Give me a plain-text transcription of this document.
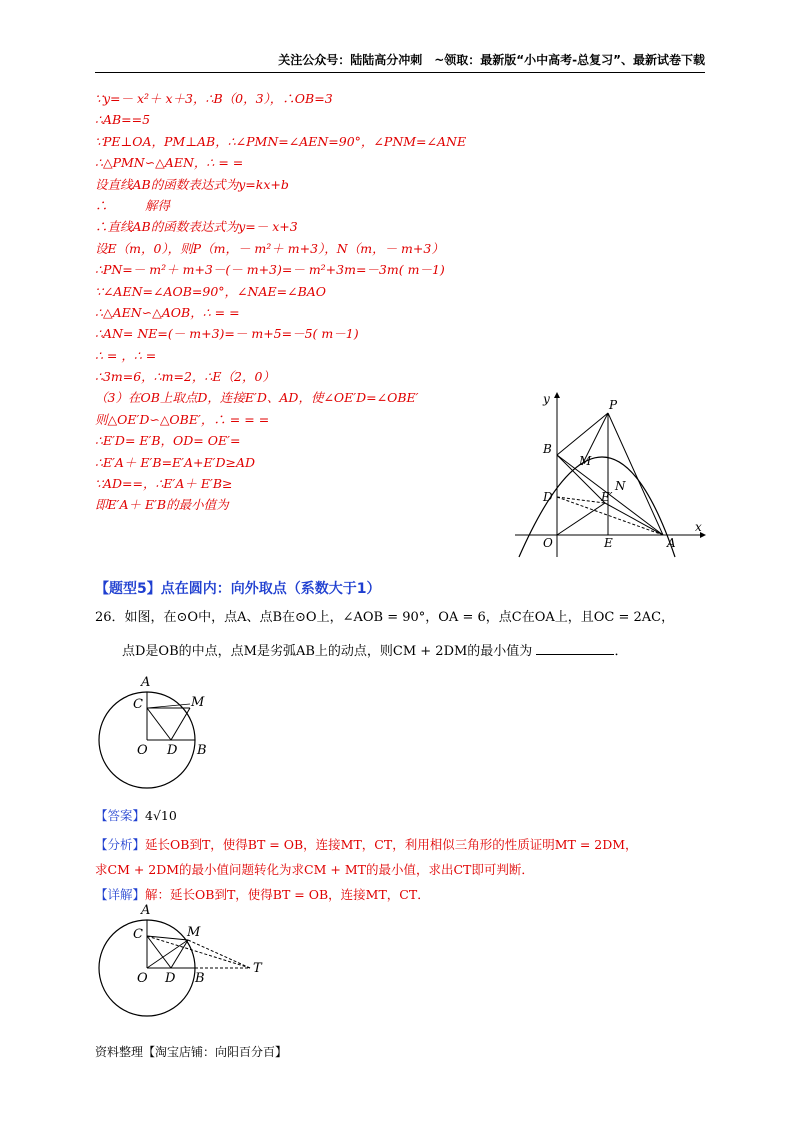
关注公众号：陆陆高分冲刺　~领取：最新版“小中高考-总复习”、最新试卷下载
∵y=－ x²＋ x＋3，∴B（0，3），∴OB=3
∴AB==5
∵PE⊥OA，PM⊥AB，∴∠PMN=∠AEN=90°，∠PNM=∠ANE
∴△PMN∽△AEN，∴ = =
设直线AB的函数表达式为y=kx+b
∴　　　解得
∴直线AB的函数表达式为y=－ x+3
设E（m，0），则P（m，－ m²＋ m+3），N（m，－ m+3）
∴PN=－ m²＋ m+3－(－ m+3)=－ m²+3m=－3m( m－1)
∵∠AEN=∠AOB=90°，∠NAE=∠BAO
∴△AEN∽△AOB，∴ = =
∴AN= NE=(－ m+3)=－ m+5=－5( m－1)
∴ = ，∴ =
∴3m=6，∴m=2，∴E（2，0）
（3）在OB上取点D，连接E′D、AD，使∠OE′D=∠OBE′
则△OE′D∽△OBE′，∴ = = =
∴E′D= E′B，OD= OE′=
∴E′A＋ E′B=E′A+E′D≥AD
∵AD==，∴E′A＋ E′B≥
即E′A＋ E′B的最小值为
y	P
B
M
N
D	E′
O	E	A
x
【题型5】点在圆内：向外取点（系数大于1）
26．如图，在⊙O中，点A、点B在⊙O上，∠AOB = 90°，OA = 6，点C在OA上，且OC = 2AC，
点D是OB的中点，点M是劣弧AB上的动点，则CM + 2DM的最小值为	．
A
C	M
O D B
【答案】4√10
【分析】延长OB到T，使得BT = OB，连接MT，CT，利用相似三角形的性质证明MT = 2DM，
求CM + 2DM的最小值问题转化为求CM + MT的最小值，求出CT即可判断．
【详解】解：延长OB到T，使得BT = OB，连接MT，CT．
A
C	M
O D B
T
资料整理【淘宝店铺：向阳百分百】
